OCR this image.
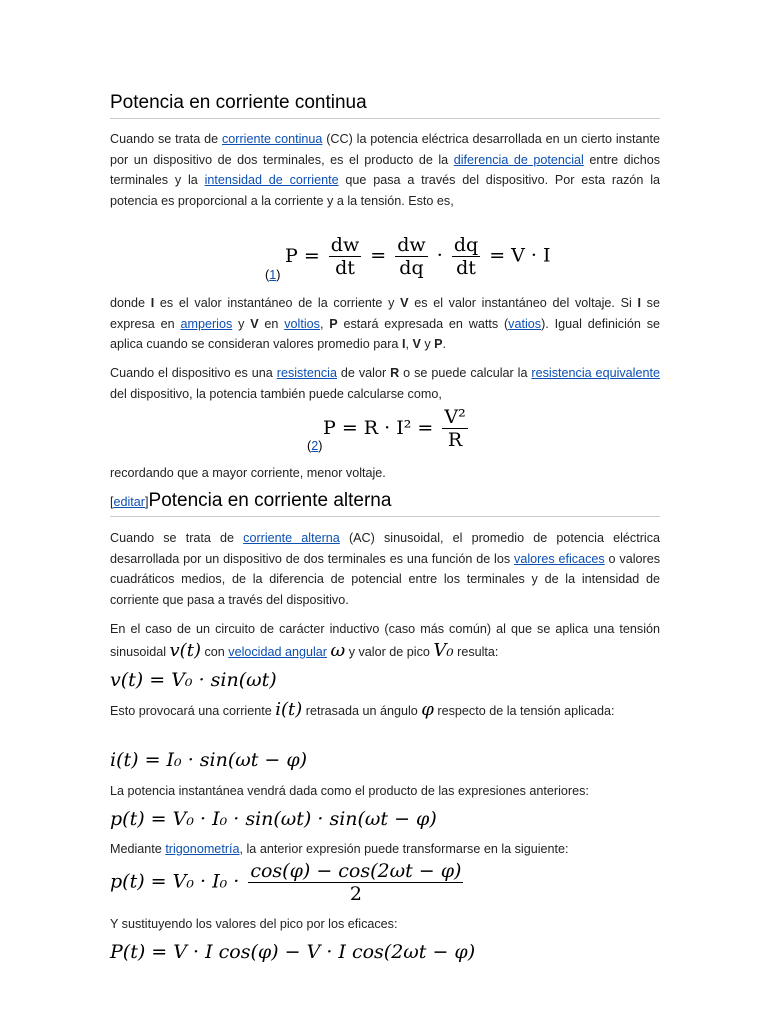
Potencia en corriente continua

Cuando se trata de corriente continua (CC) la potencia eléctrica desarrollada en un cierto instante por un dispositivo de dos terminales, es el producto de la diferencia de potencial entre dichos terminales y la intensidad de corriente que pasa a través del dispositivo. Por esta razón la potencia es proporcional a la corriente y a la tensión. Esto es,

(1)
$P = \frac{dw}{dt} = \frac{dw}{dq} \cdot \frac{dq}{dt} = V \cdot I$

donde I es el valor instantáneo de la corriente y V es el valor instantáneo del voltaje. Si I se expresa en amperios y V en voltios, P estará expresada en watts (vatios). Igual definición se aplica cuando se consideran valores promedio para I, V y P.

Cuando el dispositivo es una resistencia de valor R o se puede calcular la resistencia equivalente del dispositivo, la potencia también puede calcularse como,

(2)
$P = R \cdot I^2 = \frac{\text{V²}}{R}$

recordando que a mayor corriente, menor voltaje.

[editar]Potencia en corriente alterna

Cuando se trata de corriente alterna (AC) sinusoidal, el promedio de potencia eléctrica desarrollada por un dispositivo de dos terminales es una función de los valores eficaces o valores cuadráticos medios, de la diferencia de potencial entre los terminales y de la intensidad de corriente que pasa a través del dispositivo.

En el caso de un circuito de carácter inductivo (caso más común) al que se aplica una tensión sinusoidal v(t) con velocidad angular ω y valor de pico V₀ resulta:

v(t) = V₀ · sin(ωt)

Esto provocará una corriente i(t) retrasada un ángulo φ respecto de la tensión aplicada:

i(t) = I₀ · sin(ωt − φ)

La potencia instantánea vendrá dada como el producto de las expresiones anteriores:

p(t) = V₀ · I₀ · sin(ωt) · sin(ωt − φ)

Mediante trigonometría, la anterior expresión puede transformarse en la siguiente:

$p(t) = V_0 \cdot I_0 \cdot \frac{\cos(\varphi) - \cos(2\omega t - \varphi)}{2}$

Y sustituyendo los valores del pico por los eficaces:

P(t) = V · I cos(φ) − V · I cos(2ωt − φ)
